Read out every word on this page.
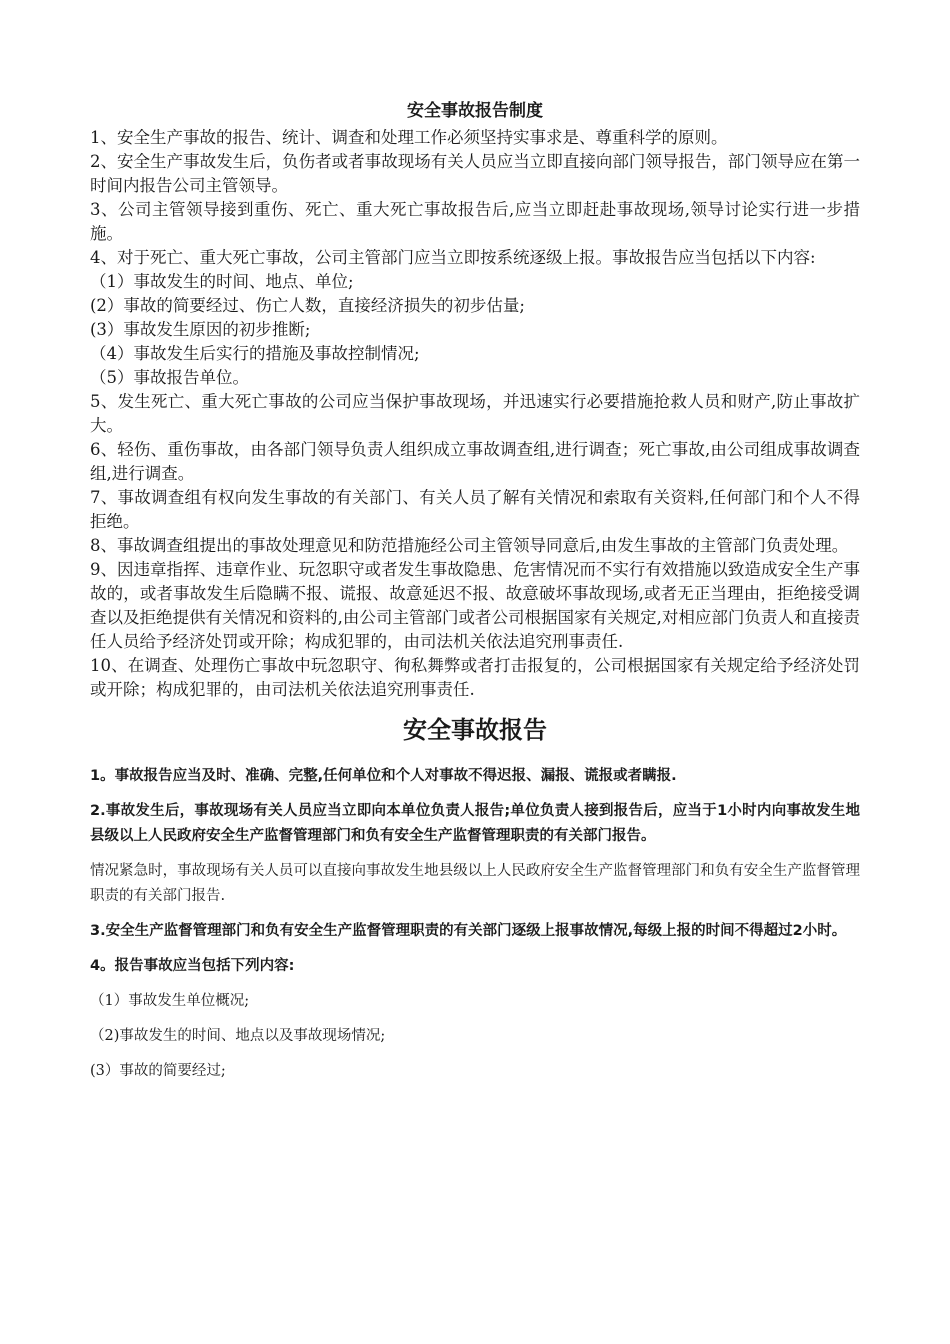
安全事故报告制度

1、安全生产事故的报告、统计、调查和处理工作必须坚持实事求是、尊重科学的原则。

2、安全生产事故发生后，负伤者或者事故现场有关人员应当立即直接向部门领导报告，部门领导应在第一时间内报告公司主管领导。

3、公司主管领导接到重伤、死亡、重大死亡事故报告后,应当立即赶赴事故现场,领导讨论实行进一步措施。

4、对于死亡、重大死亡事故，公司主管部门应当立即按系统逐级上报。事故报告应当包括以下内容:

（1）事故发生的时间、地点、单位;

(2）事故的简要经过、伤亡人数，直接经济损失的初步估量;

(3）事故发生原因的初步推断;

（4）事故发生后实行的措施及事故控制情况;

（5）事故报告单位。

5、发生死亡、重大死亡事故的公司应当保护事故现场，并迅速实行必要措施抢救人员和财产,防止事故扩大。

6、轻伤、重伤事故，由各部门领导负责人组织成立事故调查组,进行调查；死亡事故,由公司组成事故调查组,进行调查。

7、事故调查组有权向发生事故的有关部门、有关人员了解有关情况和索取有关资料,任何部门和个人不得拒绝。

8、事故调查组提出的事故处理意见和防范措施经公司主管领导同意后,由发生事故的主管部门负责处理。

9、因违章指挥、违章作业、玩忽职守或者发生事故隐患、危害情况而不实行有效措施以致造成安全生产事故的，或者事故发生后隐瞒不报、谎报、故意延迟不报、故意破坏事故现场,或者无正当理由，拒绝接受调查以及拒绝提供有关情况和资料的,由公司主管部门或者公司根据国家有关规定,对相应部门负责人和直接责任人员给予经济处罚或开除；构成犯罪的，由司法机关依法追究刑事责任.

10、在调查、处理伤亡事故中玩忽职守、徇私舞弊或者打击报复的，公司根据国家有关规定给予经济处罚或开除；构成犯罪的，由司法机关依法追究刑事责任.

安全事故报告

1。事故报告应当及时、准确、完整,任何单位和个人对事故不得迟报、漏报、谎报或者瞒报.

2.事故发生后，事故现场有关人员应当立即向本单位负责人报告;单位负责人接到报告后，应当于1小时内向事故发生地县级以上人民政府安全生产监督管理部门和负有安全生产监督管理职责的有关部门报告。

情况紧急时，事故现场有关人员可以直接向事故发生地县级以上人民政府安全生产监督管理部门和负有安全生产监督管理职责的有关部门报告.

3.安全生产监督管理部门和负有安全生产监督管理职责的有关部门逐级上报事故情况,每级上报的时间不得超过2小时。

4。报告事故应当包括下列内容:

（1）事故发生单位概况;

（2)事故发生的时间、地点以及事故现场情况;

(3）事故的简要经过;
